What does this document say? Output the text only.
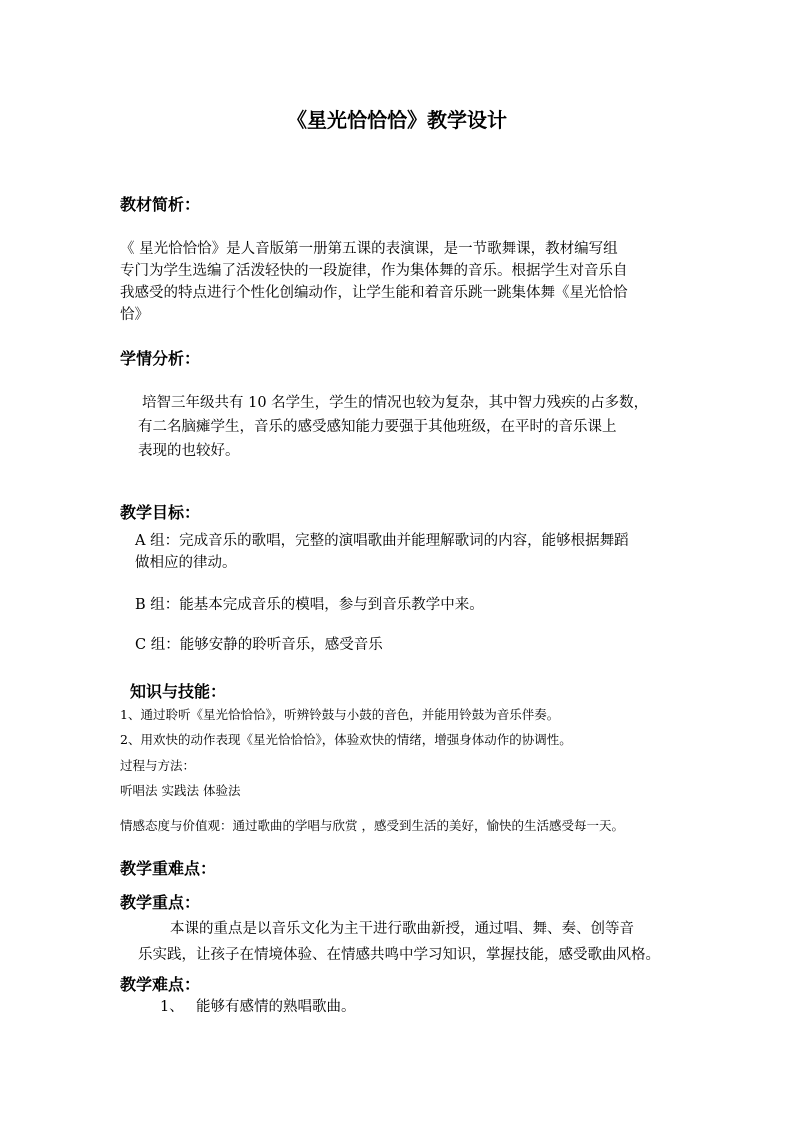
《星光恰恰恰》教学设计
教材简析：
《 星光恰恰恰》是人音版第一册第五课的表演课，是一节歌舞课，教材编写组
专门为学生选编了活泼轻快的一段旋律，作为集体舞的音乐。根据学生对音乐自
我感受的特点进行个性化创编动作，让学生能和着音乐跳一跳集体舞《星光恰恰
恰》
学情分析：
培智三年级共有 10 名学生，学生的情况也较为复杂，其中智力残疾的占多数，
有二名脑瘫学生，音乐的感受感知能力要强于其他班级，在平时的音乐课上
表现的也较好。
教学目标：
A 组：完成音乐的歌唱，完整的演唱歌曲并能理解歌词的内容，能够根据舞蹈
做相应的律动。
B 组：能基本完成音乐的模唱，参与到音乐教学中来。
C 组：能够安静的聆听音乐，感受音乐
知识与技能：
1、通过聆听《星光恰恰恰》，听辨铃鼓与小鼓的音色，并能用铃鼓为音乐伴奏。
2、用欢快的动作表现《星光恰恰恰》，体验欢快的情绪，增强身体动作的协调性。
过程与方法：
听唱法 实践法 体验法
情感态度与价值观：通过歌曲的学唱与欣赏 ，感受到生活的美好，愉快的生活感受每一天。
教学重难点：
教学重点：
本课的重点是以音乐文化为主干进行歌曲新授，通过唱、舞、奏、创等音
乐实践，让孩子在情境体验、在情感共鸣中学习知识，掌握技能，感受歌曲风格。
教学难点：
1、 能够有感情的熟唱歌曲。
